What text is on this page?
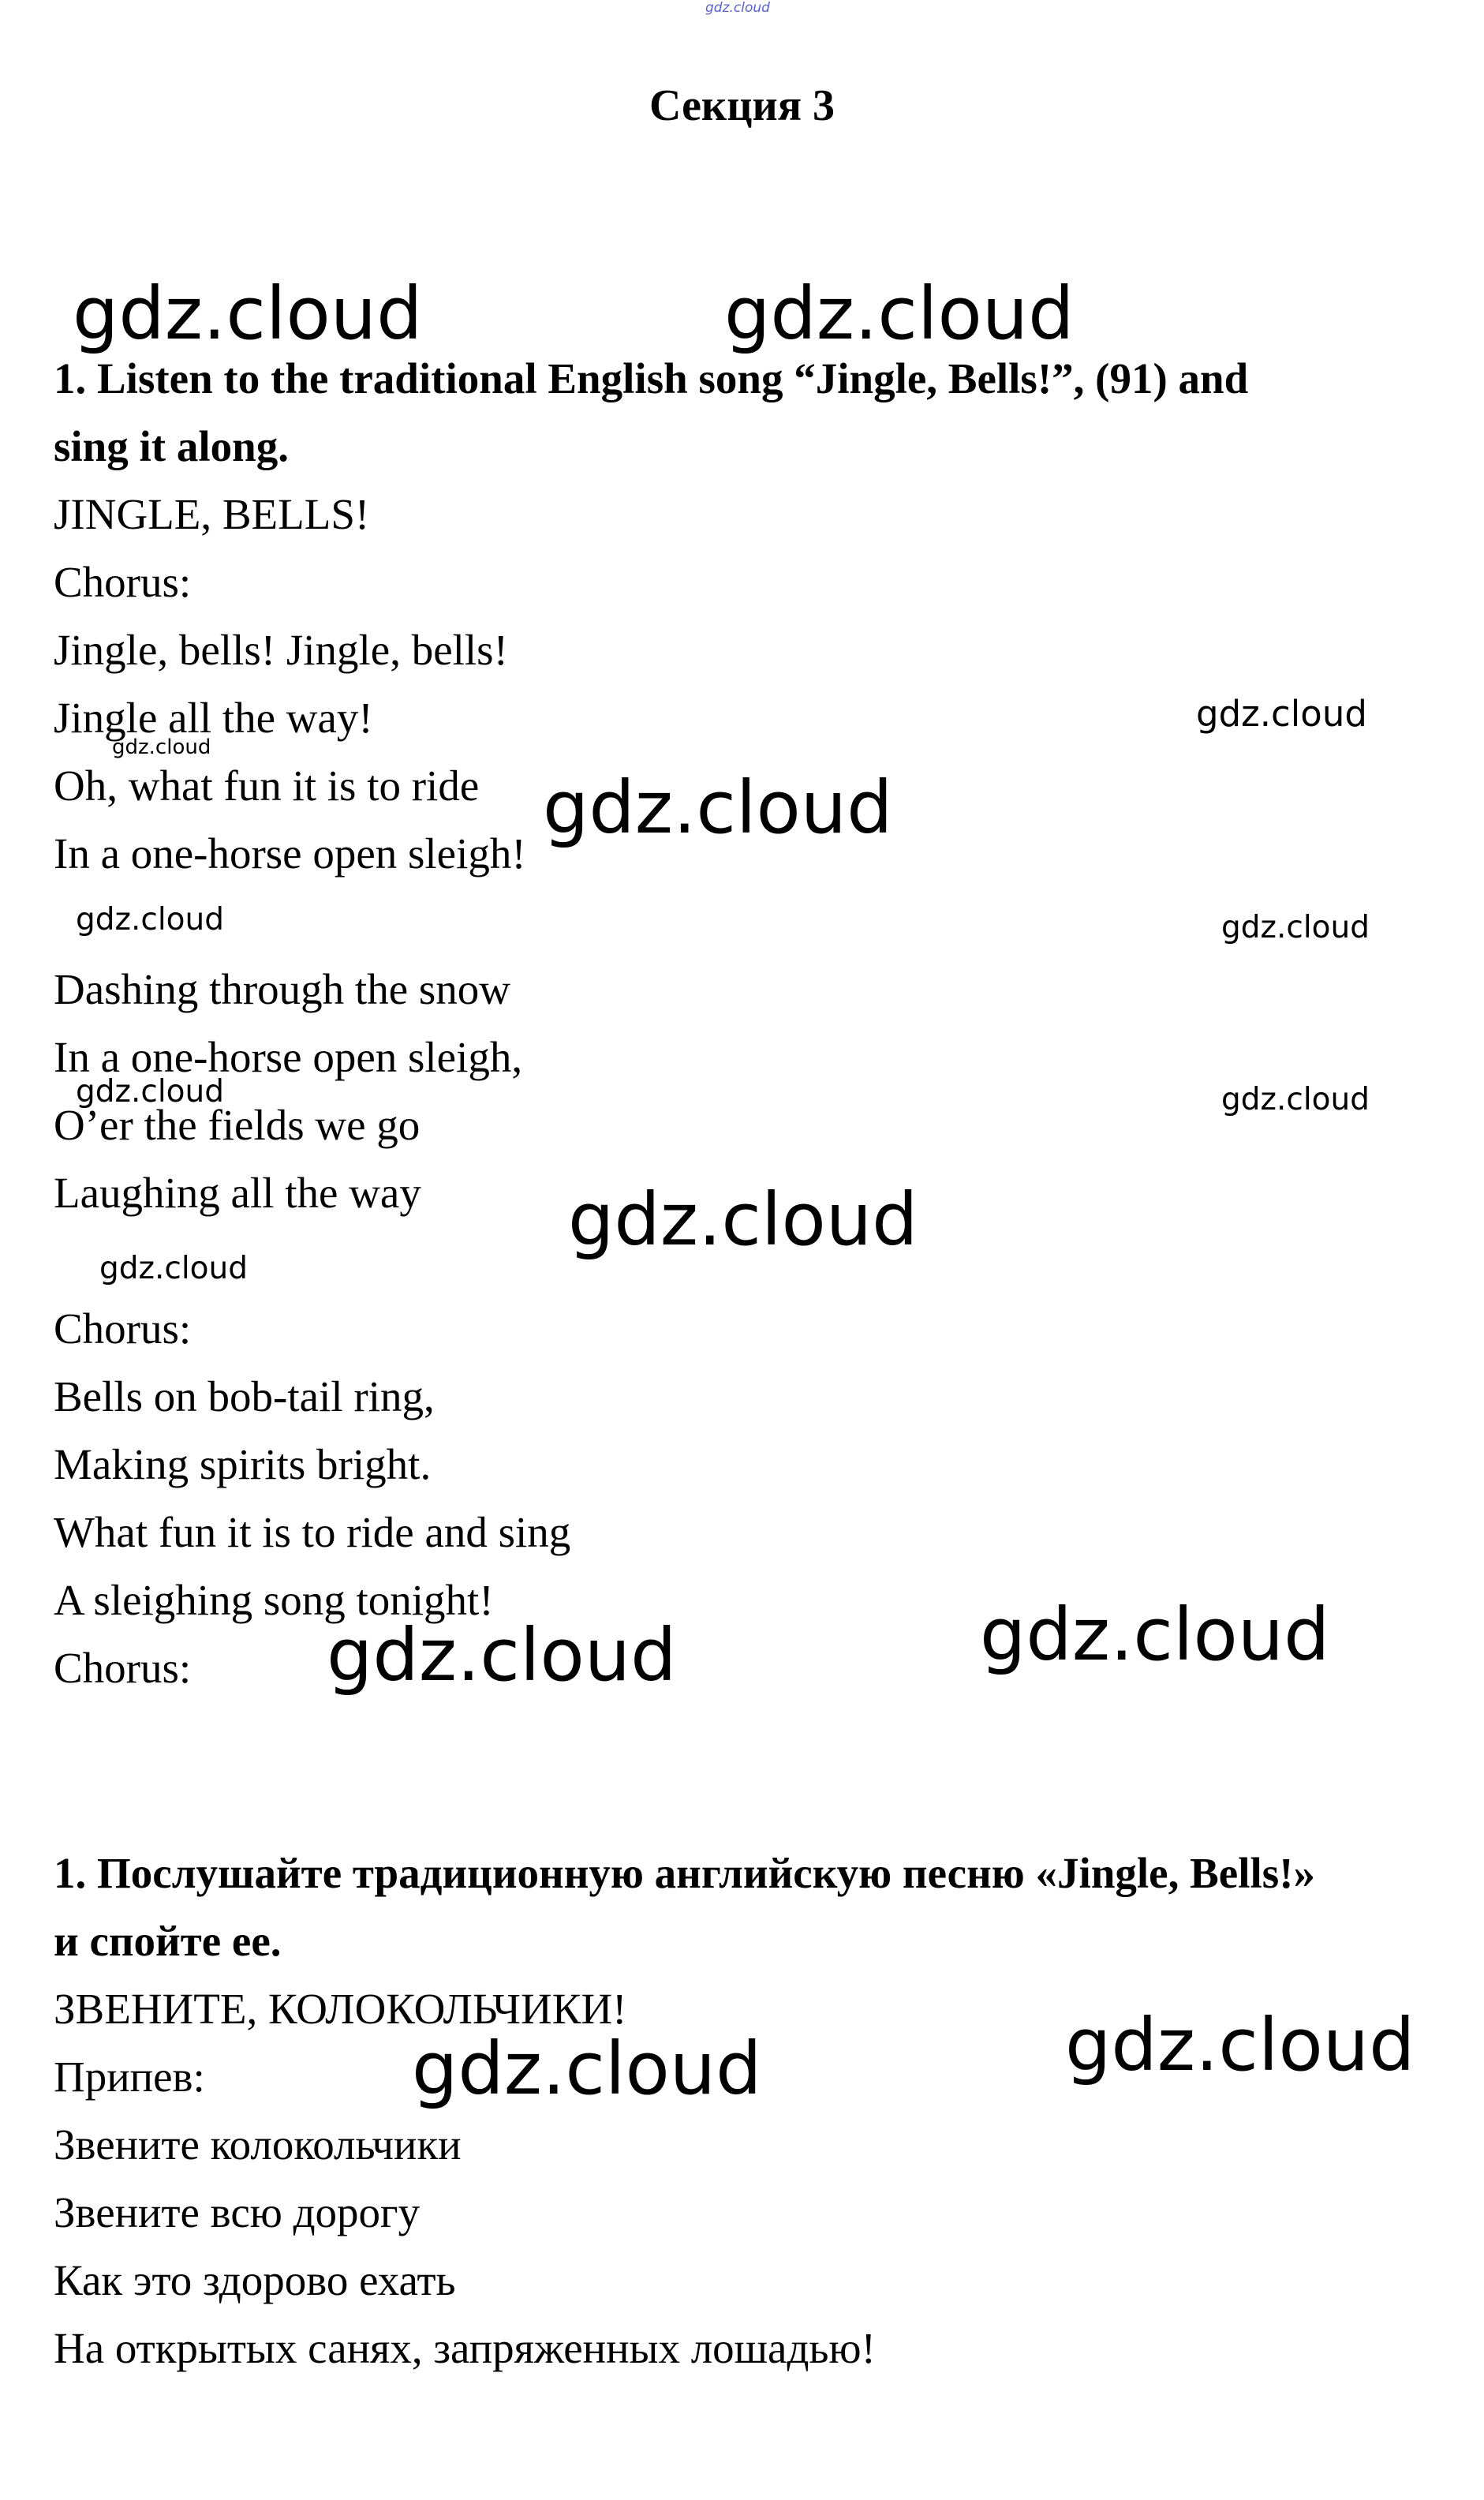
gdz.cloud
Секция 3
1. Listen to the traditional English song “Jingle, Bells!”, (91) and
sing it along.
JINGLE, BELLS!
Chorus:
Jingle, bells! Jingle, bells!
Jingle all the way!
Oh, what fun it is to ride
In a one-horse open sleigh!
Dashing through the snow
In a one-horse open sleigh,
O’er the fields we go
Laughing all the way
Chorus:
Bells on bob-tail ring,
Making spirits bright.
What fun it is to ride and sing
A sleighing song tonight!
Chorus:
1. Послушайте традиционную английскую песню «Jingle, Bells!»
и спойте ее.
ЗВЕНИТЕ, КОЛОКОЛЬЧИКИ!
Припев:
Звените колокольчики
Звените всю дорогу
Как это здорово ехать
На открытых санях, запряженных лошадью!
gdz.cloud	gdz.cloud
gdz.cloud
gdz.cloud
gdz.cloud
gdz.cloud	gdz.cloud
gdz.cloud	gdz.cloud
gdz.cloud
gdz.cloud
gdz.cloud
gdz.cloud
gdz.cloud
gdz.cloud
